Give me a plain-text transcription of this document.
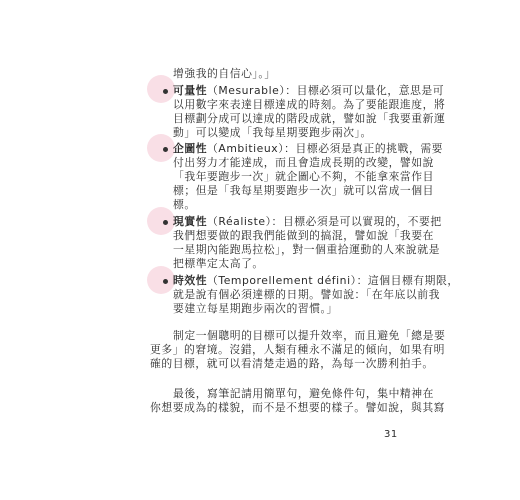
增強我的自信心」。」
可量性（Mesurable）：目標必須可以量化，意思是可
以用數字來表達目標達成的時刻。為了要能跟進度，將
目標劃分成可以達成的階段成就，譬如說「我要重新運
動」可以變成「我每星期要跑步兩次」。
企圖性（Ambitieux）：目標必須是真正的挑戰，需要
付出努力才能達成，而且會造成長期的改變，譬如說
「我年要跑步一次」就企圖心不夠，不能拿來當作目
標；但是「我每星期要跑步一次」就可以當成一個目
標。
現實性（Réaliste）：目標必須是可以實現的，不要把
我們想要做的跟我們能做到的搞混，譬如說「我要在
一星期內能跑馬拉松」，對一個重拾運動的人來說就是
把標準定太高了。
時效性（Temporellement défini）：這個目標有期限，
就是說有個必須達標的日期。譬如說：「在年底以前我
要建立每星期跑步兩次的習慣。」
制定一個聰明的目標可以提升效率，而且避免「總是要
更多」的窘境。沒錯，人類有種永不滿足的傾向，如果有明
確的目標，就可以看清楚走過的路，為每一次勝利拍手。
最後，寫筆記請用簡單句，避免條件句，集中精神在
你想要成為的樣貌，而不是不想要的樣子。譬如說，與其寫
31
